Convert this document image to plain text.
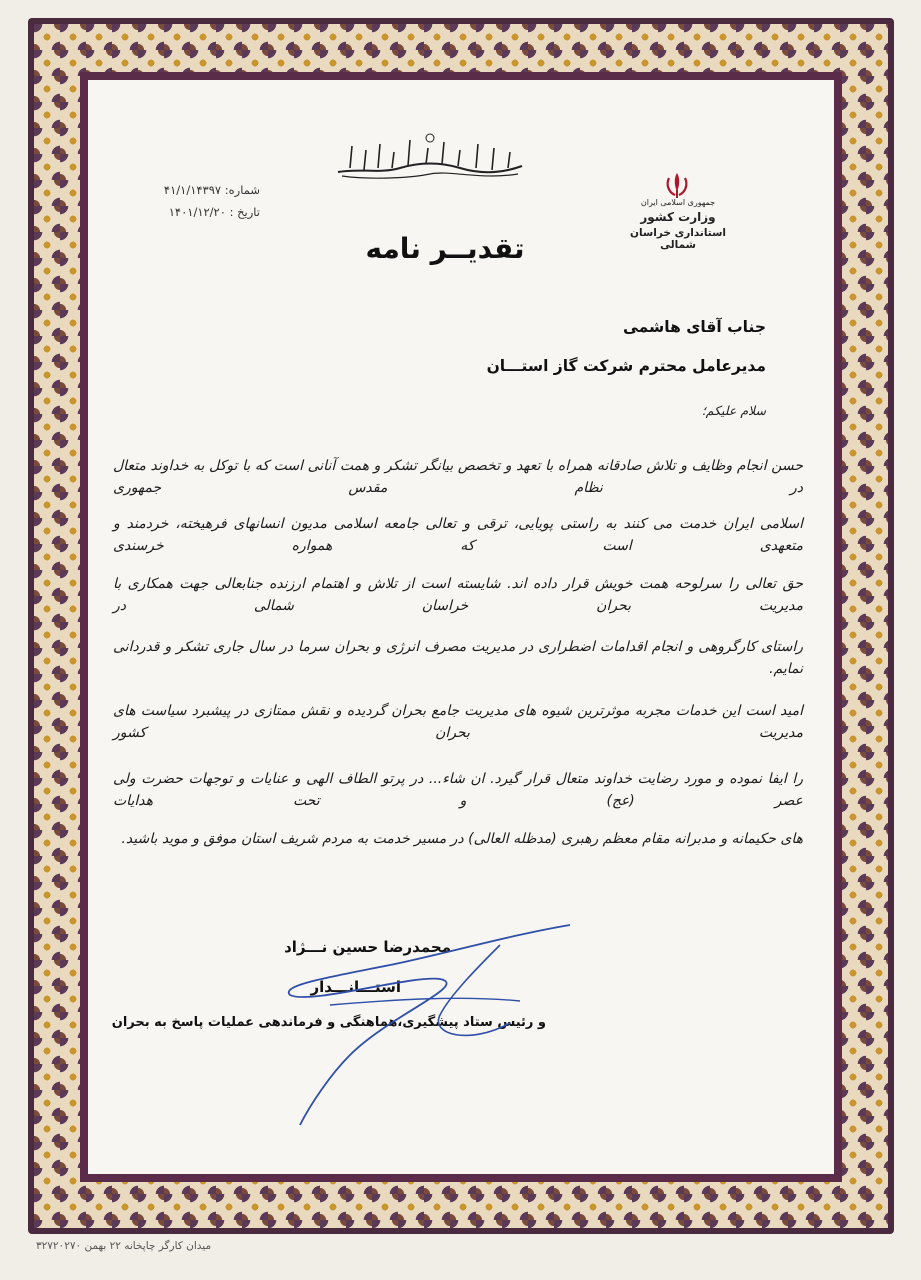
جمهوری اسلامی ایران
وزارت کشور
استانداری خراسان شمالی
شماره: ۴۱/۱/۱۴۳۹۷
تاریخ : ۱۴۰۱/۱۲/۲۰
تقدیــر نامه
جناب آقای هاشمی
مدیرعامل محترم شرکت گاز استـــان
سلام علیکم؛
حسن انجام وظایف و تلاش صادقانه همراه با تعهد و تخصص بیانگر تشکر و همت آنانی است که با توکل به خداوند متعال در نظام مقدس جمهوری
اسلامی ایران خدمت می کنند به راستی پویایی، ترقی و تعالی جامعه اسلامی مدیون انسانهای فرهیخته، خردمند و متعهدی است که همواره خرسندی
حق تعالی را سرلوحه همت خویش قرار داده اند. شایسته است از تلاش و اهتمام ارزنده جنابعالی جهت همکاری با مدیریت بحران خراسان شمالی در
راستای کارگروهی و انجام اقدامات اضطراری در مدیریت مصرف انرژی و بحران سرما در سال جاری تشکر و قدردانی نمایم.
امید است این خدمات مجربه موثرترین شیوه های مدیریت جامع بحران گردیده و نقش ممتازی در پیشبرد سیاست های مدیریت بحران کشور
را ایفا نموده و مورد رضایت خداوند متعال قرار گیرد. ان شاء... در پرتو الطاف الهی و عنایات و توجهات حضرت ولی عصر (عج) و تحت هدایات
های حکیمانه و مدبرانه مقام معظم رهبری (مدظله العالی) در مسیر خدمت به مردم شریف استان موفق و موید باشید.
محمدرضا حسین نـــژاد
استـــانـــدار
و رئیس ستاد پیشگیری،هماهنگی و فرماندهی عملیات پاسخ به بحران
میدان کارگر چاپخانه ۲۲ بهمن ۳۲۷۲۰۲۷۰
